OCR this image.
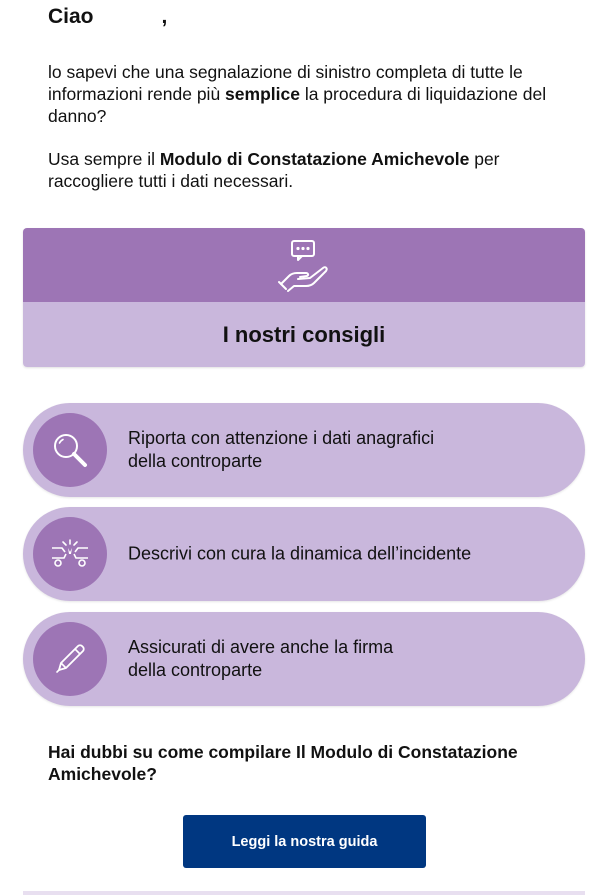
Ciao	,

lo sapevi che una segnalazione di sinistro completa di tutte le informazioni rende più semplice la procedura di liquidazione del danno?

Usa sempre il Modulo di Constatazione Amichevole per raccogliere tutti i dati necessari.

I nostri consigli
Riporta con attenzione i dati anagrafici
della controparte
Descrivi con cura la dinamica dell’incidente
Assicurati di avere anche la firma
della controparte

Hai dubbi su come compilare Il Modulo di Constatazione Amichevole?

Leggi la nostra guida
